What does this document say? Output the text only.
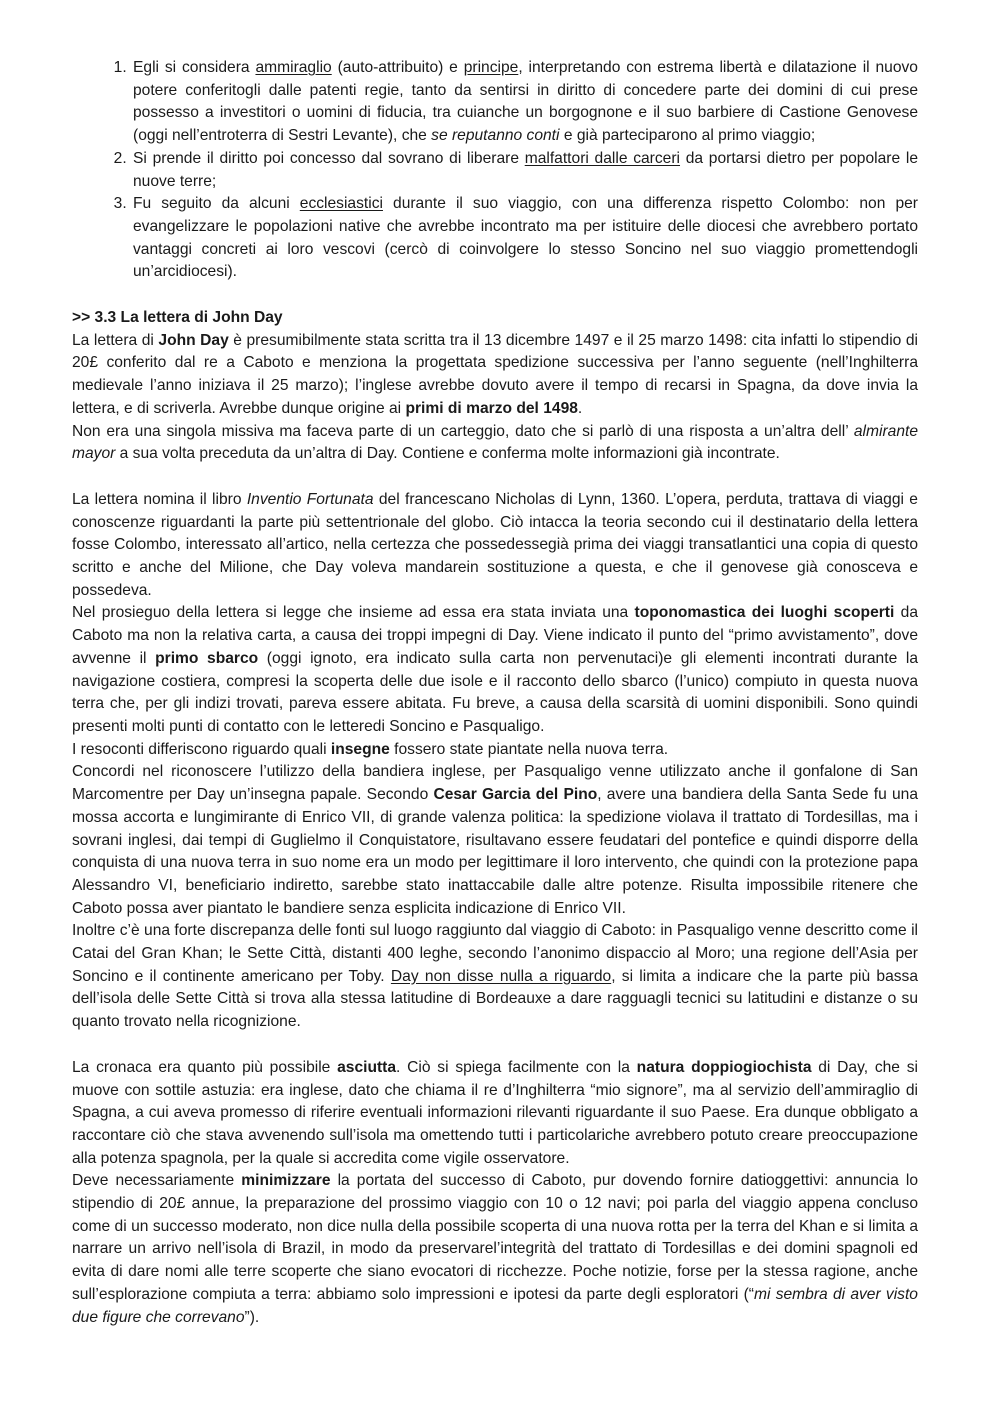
1. Egli si considera ammiraglio (auto-attribuito) e principe, interpretando con estrema libertà e dilatazione il nuovo potere conferitogli dalle patenti regie, tanto da sentirsi in diritto di concedere parte dei domini di cui prese possesso a investitori o uomini di fiducia, tra cuianche un borgognone e il suo barbiere di Castione Genovese (oggi nell’entroterra di Sestri Levante), che se reputanno conti e già parteciparono al primo viaggio;
2. Si prende il diritto poi concesso dal sovrano di liberare malfattori dalle carceri da portarsi dietro per popolare le nuove terre;
3. Fu seguito da alcuni ecclesiastici durante il suo viaggio, con una differenza rispetto Colombo: non per evangelizzare le popolazioni native che avrebbe incontrato ma per istituire delle diocesi che avrebbero portato vantaggi concreti ai loro vescovi (cercò di coinvolgere lo stesso Soncino nel suo viaggio promettendogli un’arcidiocesi).

>> 3.3 La lettera di John Day

La lettera di John Day è presumibilmente stata scritta tra il 13 dicembre 1497 e il 25 marzo 1498: cita infatti lo stipendio di 20£ conferito dal re a Caboto e menziona la progettata spedizione successiva per l’anno seguente (nell’Inghilterra medievale l’anno iniziava il 25 marzo); l’inglese avrebbe dovuto avere il tempo di recarsi in Spagna, da dove invia la lettera, e di scriverla. Avrebbe dunque origine ai primi di marzo del 1498.

Non era una singola missiva ma faceva parte di un carteggio, dato che si parlò di una risposta a un’altra dell’ almirante mayor a sua volta preceduta da un’altra di Day. Contiene e conferma molte informazioni già incontrate.

La lettera nomina il libro Inventio Fortunata del francescano Nicholas di Lynn, 1360. L’opera, perduta, trattava di viaggi e conoscenze riguardanti la parte più settentrionale del globo. Ciò intacca la teoria secondo cui il destinatario della lettera fosse Colombo, interessato all’artico, nella certezza che possedessegià prima dei viaggi transatlantici una copia di questo scritto e anche del Milione, che Day voleva mandarein sostituzione a questa, e che il genovese già conosceva e possedeva.

Nel prosieguo della lettera si legge che insieme ad essa era stata inviata una toponomastica dei luoghi scoperti da Caboto ma non la relativa carta, a causa dei troppi impegni di Day. Viene indicato il punto del “primo avvistamento”, dove avvenne il primo sbarco (oggi ignoto, era indicato sulla carta non pervenutaci)e gli elementi incontrati durante la navigazione costiera, compresi la scoperta delle due isole e il racconto dello sbarco (l’unico) compiuto in questa nuova terra che, per gli indizi trovati, pareva essere abitata. Fu breve, a causa della scarsità di uomini disponibili. Sono quindi presenti molti punti di contatto con le letteredi Soncino e Pasqualigo.

I resoconti differiscono riguardo quali insegne fossero state piantate nella nuova terra.

Concordi nel riconoscere l’utilizzo della bandiera inglese, per Pasqualigo venne utilizzato anche il gonfalone di San Marcomentre per Day un’insegna papale. Secondo Cesar Garcia del Pino, avere una bandiera della Santa Sede fu una mossa accorta e lungimirante di Enrico VII, di grande valenza politica: la spedizione violava il trattato di Tordesillas, ma i sovrani inglesi, dai tempi di Guglielmo il Conquistatore, risultavano essere feudatari del pontefice e quindi disporre della conquista di una nuova terra in suo nome era un modo per legittimare il loro intervento, che quindi con la protezione papa Alessandro VI, beneficiario indiretto, sarebbe stato inattaccabile dalle altre potenze. Risulta impossibile ritenere che Caboto possa aver piantato le bandiere senza esplicita indicazione di Enrico VII.

Inoltre c’è una forte discrepanza delle fonti sul luogo raggiunto dal viaggio di Caboto: in Pasqualigo venne descritto come il Catai del Gran Khan; le Sette Città, distanti 400 leghe, secondo l’anonimo dispaccio al Moro; una regione dell’Asia per Soncino e il continente americano per Toby. Day non disse nulla a riguardo, si limita a indicare che la parte più bassa dell’isola delle Sette Città si trova alla stessa latitudine di Bordeauxe a dare ragguagli tecnici su latitudini e distanze o su quanto trovato nella ricognizione.

La cronaca era quanto più possibile asciutta. Ciò si spiega facilmente con la natura doppiogiochista di Day, che si muove con sottile astuzia: era inglese, dato che chiama il re d’Inghilterra “mio signore”, ma al servizio dell’ammiraglio di Spagna, a cui aveva promesso di riferire eventuali informazioni rilevanti riguardante il suo Paese. Era dunque obbligato a raccontare ciò che stava avvenendo sull’isola ma omettendo tutti i particolariche avrebbero potuto creare preoccupazione alla potenza spagnola, per la quale si accredita come vigile osservatore.

Deve necessariamente minimizzare la portata del successo di Caboto, pur dovendo fornire datioggettivi: annuncia lo stipendio di 20£ annue, la preparazione del prossimo viaggio con 10 o 12 navi; poi parla del viaggio appena concluso come di un successo moderato, non dice nulla della possibile scoperta di una nuova rotta per la terra del Khan e si limita a narrare un arrivo nell’isola di Brazil, in modo da preservarel’integrità del trattato di Tordesillas e dei domini spagnoli ed evita di dare nomi alle terre scoperte che siano evocatori di ricchezze. Poche notizie, forse per la stessa ragione, anche sull’esplorazione compiuta a terra: abbiamo solo impressioni e ipotesi da parte degli esploratori (“mi sembra di aver visto due figure che correvano”).
